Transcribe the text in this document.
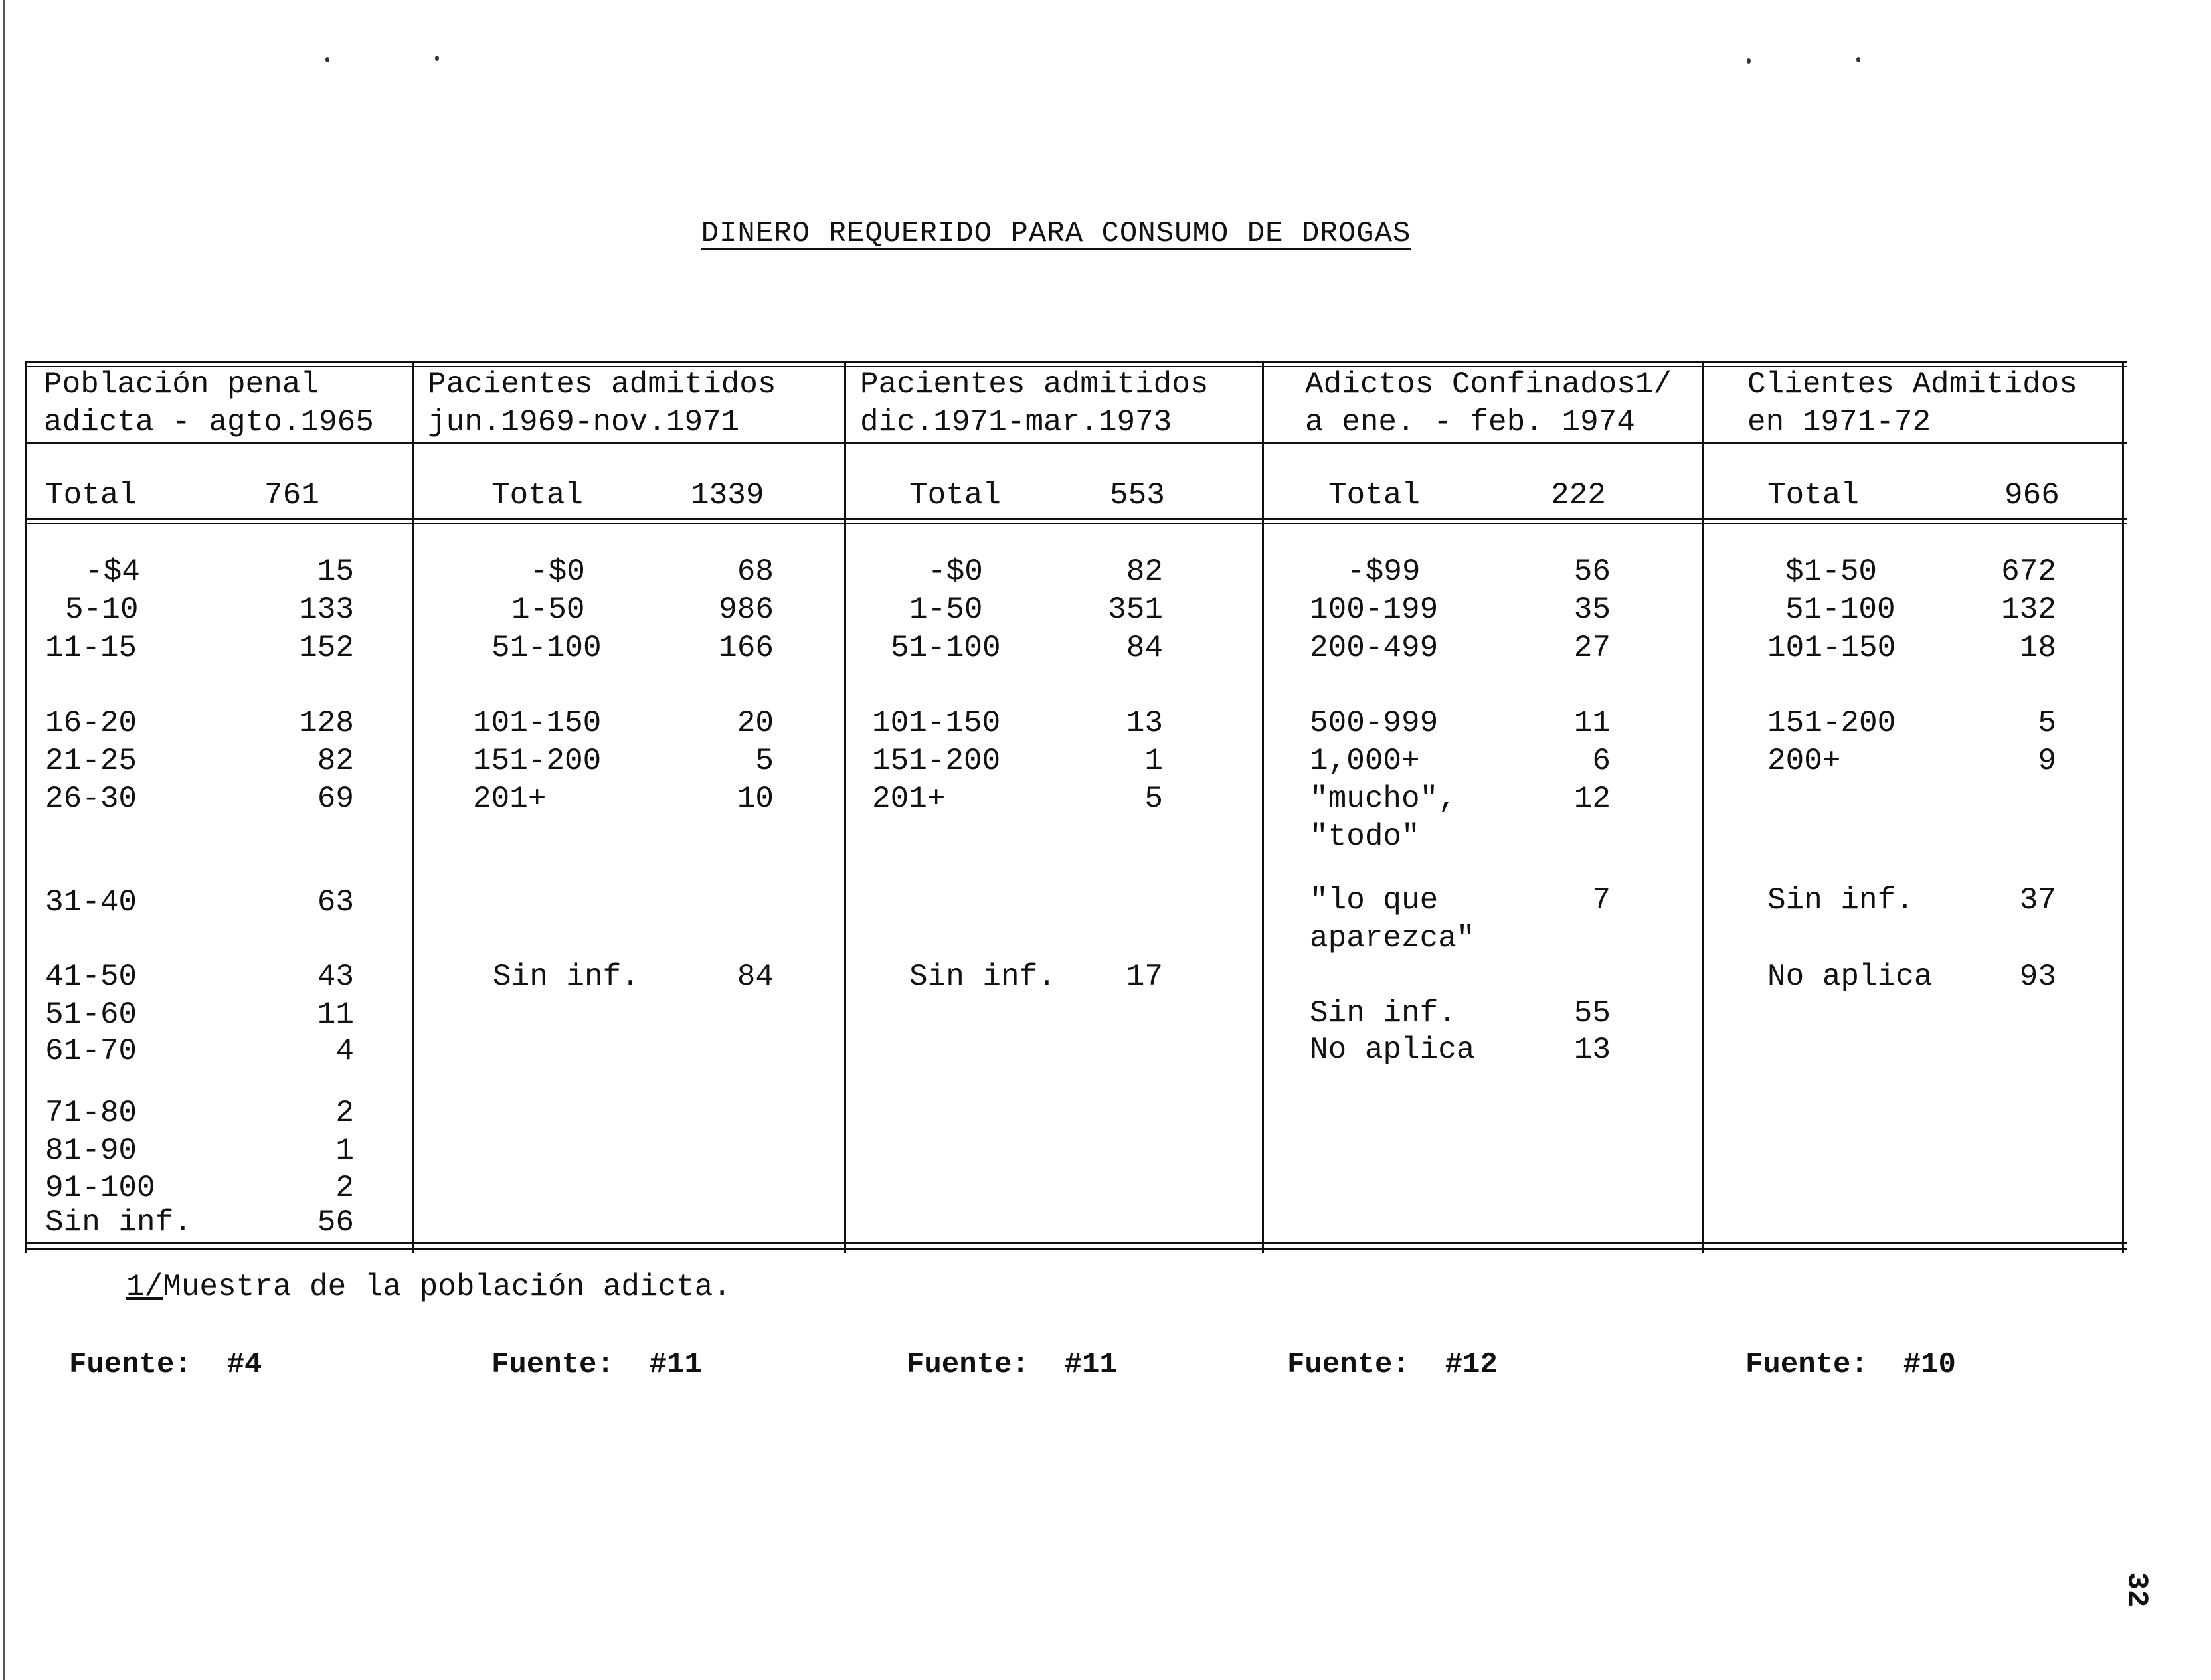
DINERO REQUERIDO PARA CONSUMO DE DROGAS
Población penal
adicta - agto.1965
Total	761
-$4	15
5-10	133
11-15	152
16-20	128
21-25	82
26-30	69
31-40	63
41-50	43
51-60	11
61-70	4
71-80	2
81-90	1
91-100	2
Sin inf.	56
Pacientes admitidos
jun.1969-nov.1971
Total	1339
-$0	68
1-50	986
51-100	166
101-150	20
151-200	5
201+	10
Sin inf.	84
Pacientes admitidos
dic.1971-mar.1973
Total	553
-$0	82
1-50	351
51-100	84
101-150	13
151-200	1
201+	5
Sin inf.	17
Adictos Confinados1/
a ene. - feb. 1974
Total	222
-$99	56
100-199	35
200-499	27
500-999	11
1,000+	6
"mucho",	12
"todo"
"lo que	7
aparezca"
Sin inf.	55
No aplica	13
Clientes Admitidos
en 1971-72
Total	966
$1-50	672
51-100	132
101-150	18
151-200	5
200+	9
Sin inf.	37
No aplica	93
1/Muestra de la población adicta.
Fuente: #4	Fuente: #11	Fuente: #11	Fuente: #12	Fuente: #10
32
